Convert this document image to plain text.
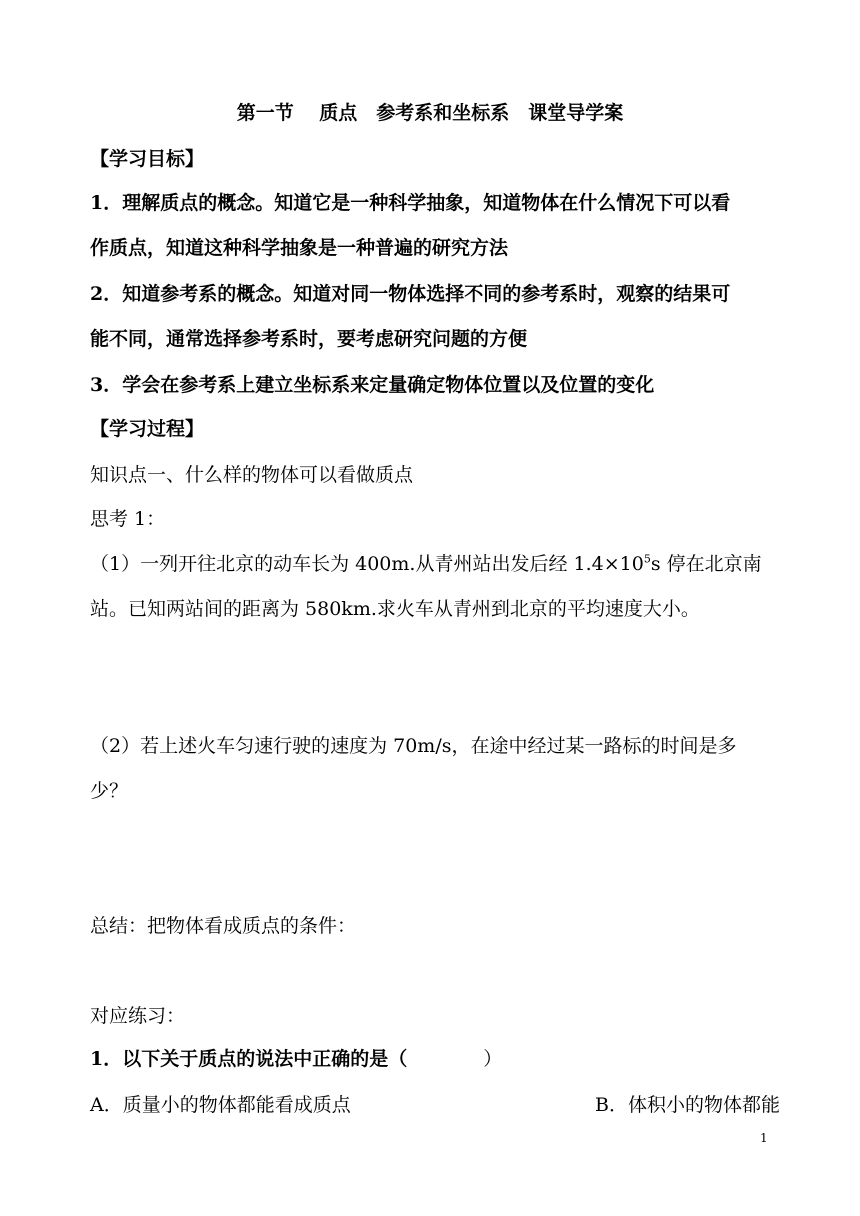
第一节　 质点　参考系和坐标系　课堂导学案
【学习目标】
1．理解质点的概念。知道它是一种科学抽象，知道物体在什么情况下可以看
作质点，知道这种科学抽象是一种普遍的研究方法
2．知道参考系的概念。知道对同一物体选择不同的参考系时，观察的结果可
能不同，通常选择参考系时，要考虑研究问题的方便
3．学会在参考系上建立坐标系来定量确定物体位置以及位置的变化
【学习过程】
知识点一、什么样的物体可以看做质点
思考 1：
（1）一列开往北京的动车长为 400m.从青州站出发后经 $1.4\times 10^5s$ 停在北京南
站。已知两站间的距离为 580km.求火车从青州到北京的平均速度大小。
（2）若上述火车匀速行驶的速度为 70m/s，在途中经过某一路标的时间是多
少？
总结：把物体看成质点的条件：
对应练习：
1．以下关于质点的说法中正确的是（	）
A．质量小的物体都能看成质点	B．体积小的物体都能
1
